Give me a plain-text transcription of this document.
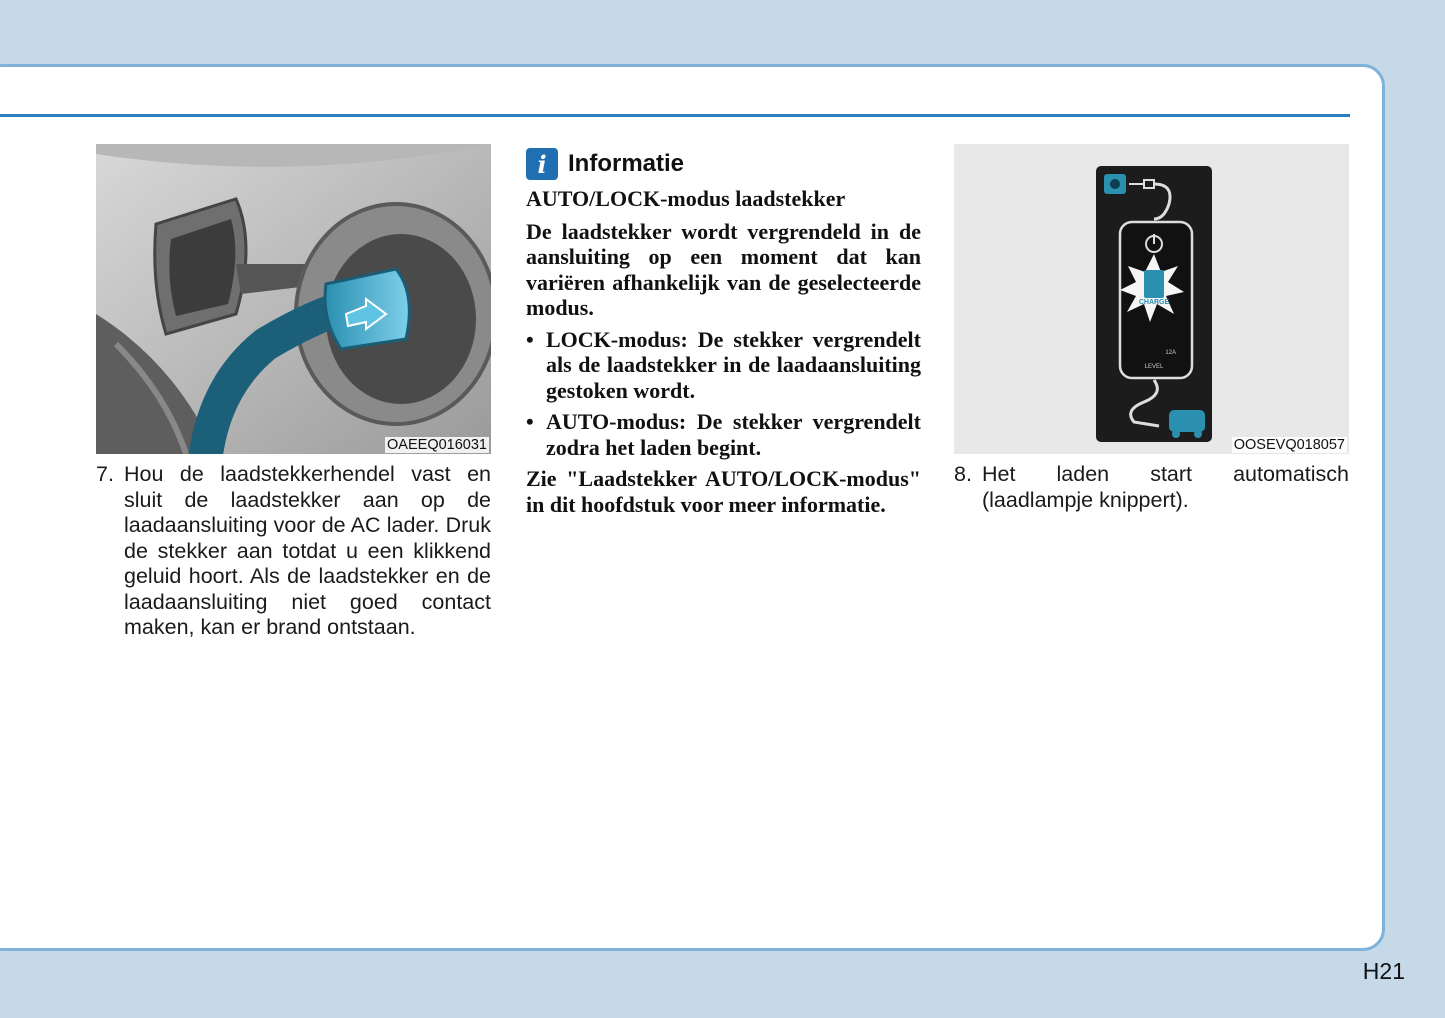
OAEEQ016031
7. Hou de laadstekkerhendel vast en sluit de laadstekker aan op de laadaansluiting voor de AC lader. Druk de stekker aan totdat u een klikkend geluid hoort. Als de laadstekker en de laadaansluiting niet goed contact maken, kan er brand ontstaan.
i Informatie
AUTO/LOCK-modus laadstekker
De laadstekker wordt vergrendeld in de aansluiting op een moment dat kan variëren afhankelijk van de geselecteerde modus.
• LOCK-modus: De stekker vergrendelt als de laadstekker in de laadaansluiting gestoken wordt.
• AUTO-modus: De stekker vergrendelt zodra het laden begint.
Zie "Laadstekker AUTO/LOCK-modus" in dit hoofdstuk voor meer informatie.
CHARGE
12A
LEVEL
OOSEVQ018057
8. Het laden start automatisch (laadlampje knippert).
H21
